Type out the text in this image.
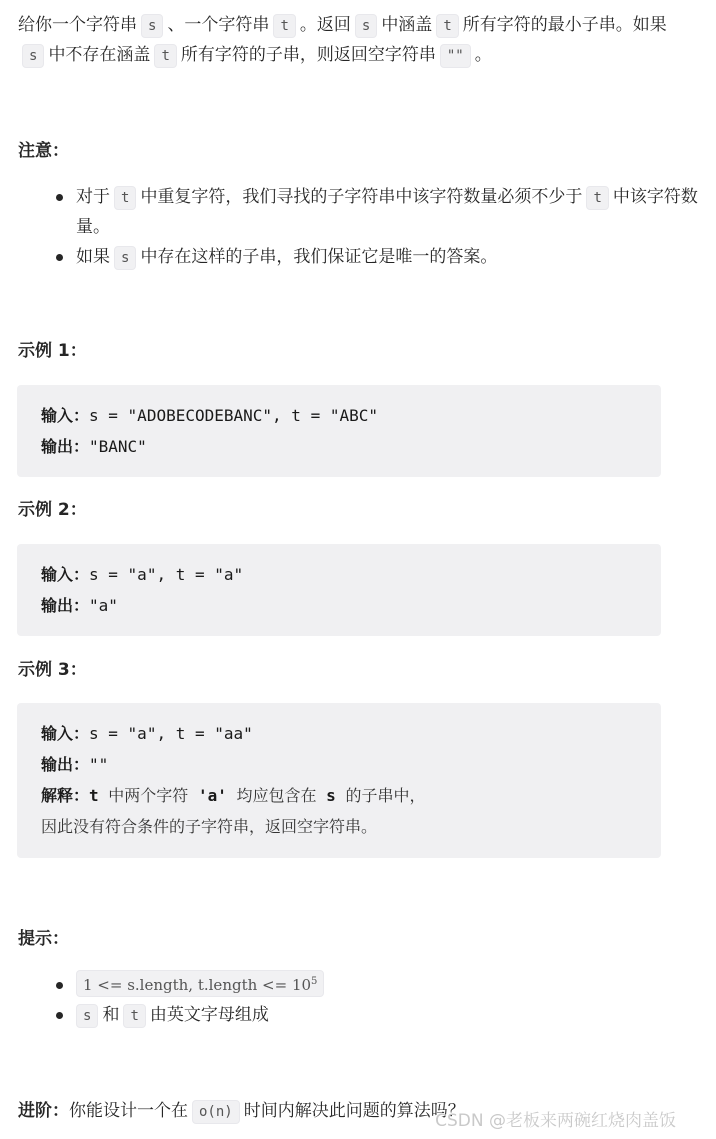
给你一个字符串 s 、一个字符串 t 。返回 s 中涵盖 t 所有字符的最小子串。如果s 中不存在涵盖 t 所有字符的子串，则返回空字符串 "" 。

注意：

对于 t 中重复字符，我们寻找的子字符串中该字符数量必须不少于 t 中该字符数量。
如果 s 中存在这样的子串，我们保证它是唯一的答案。

示例 1：

输入：s = "ADOBECODEBANC", t = "ABC"
输出："BANC"

示例 2：

输入：s = "a", t = "a"
输出："a"

示例 3：

输入：s = "a", t = "aa"
输出：""
解释：t 中两个字符 'a' 均应包含在 s 的子串中，
因此没有符合条件的子字符串，返回空字符串。

提示：

1 <= s.length, t.length <= $10^5$
s 和 t 由英文字母组成

进阶：你能设计一个在 o(n) 时间内解决此问题的算法吗？

CSDN @老板来两碗红烧肉盖饭
